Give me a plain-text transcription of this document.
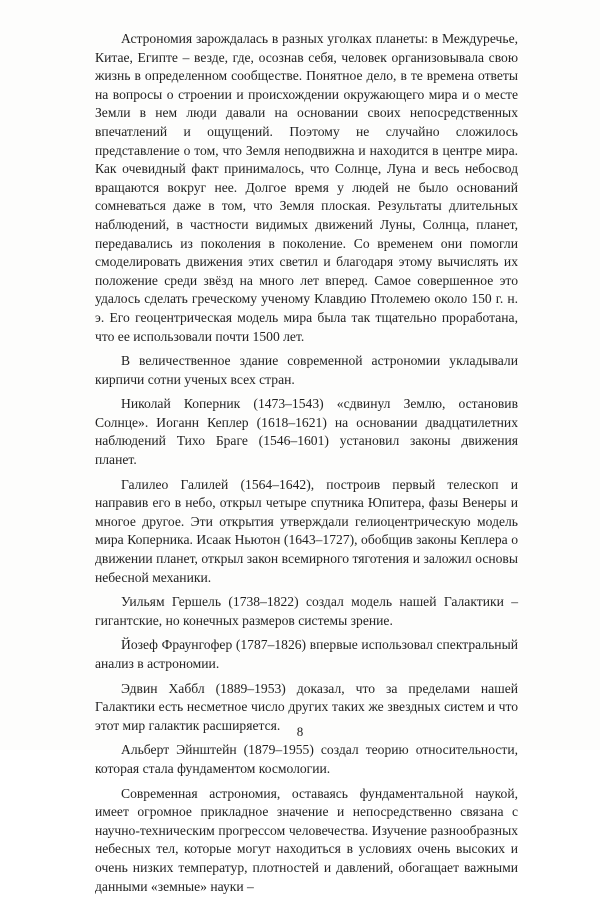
Астрономия зарождалась в разных уголках планеты: в Междуречье, Китае, Египте – везде, где, осознав себя, человек организовывала свою жизнь в определенном сообществе. Понятное дело, в те времена ответы на вопросы о строении и происхождении окружающего мира и о месте Земли в нем люди давали на основании своих непосредственных впечатлений и ощущений. Поэтому не случайно сложилось представление о том, что Земля неподвижна и находится в центре мира. Как очевидный факт принималось, что Солнце, Луна и весь небосвод вращаются вокруг нее. Долгое время у людей не было оснований сомневаться даже в том, что Земля плоская. Результаты длительных наблюдений, в частности видимых движений Луны, Солнца, планет, передавались из поколения в поколение. Со временем они помогли смоделировать движения этих светил и благодаря этому вычислять их положение среди звёзд на много лет вперед. Самое совершенное это удалось сделать греческому ученому Клавдию Птолемею около 150 г. н. э. Его геоцентрическая модель мира была так тщательно проработана, что ее использовали почти 1500 лет.

В величественное здание современной астрономии укладывали кирпичи сотни ученых всех стран.

Николай Коперник (1473–1543) «сдвинул Землю, остановив Солнце». Иоганн Кеплер (1618–1621) на основании двадцатилетних наблюдений Тихо Браге (1546–1601) установил законы движения планет.

Галилео Галилей (1564–1642), построив первый телескоп и направив его в небо, открыл четыре спутника Юпитера, фазы Венеры и многое другое. Эти открытия утверждали гелиоцентрическую модель мира Коперника. Исаак Ньютон (1643–1727), обобщив законы Кеплера о движении планет, открыл закон всемирного тяготения и заложил основы небесной механики.

Уильям Гершель (1738–1822) создал модель нашей Галактики – гигантские, но конечных размеров системы зрение.

Йозеф Фраунгофер (1787–1826) впервые использовал спектральный анализ в астрономии.

Эдвин Хаббл (1889–1953) доказал, что за пределами нашей Галактики есть несметное число других таких же звездных систем и что этот мир галактик расширяется.

Альберт Эйнштейн (1879–1955) создал теорию относительности, которая стала фундаментом космологии.

Современная астрономия, оставаясь фундаментальной наукой, имеет огромное прикладное значение и непосредственно связана с научно-техническим прогрессом человечества. Изучение разнообразных небесных тел, которые могут находиться в условиях очень высоких и очень низких температур, плотностей и давлений, обогащает важными данными «земные» науки –

8
